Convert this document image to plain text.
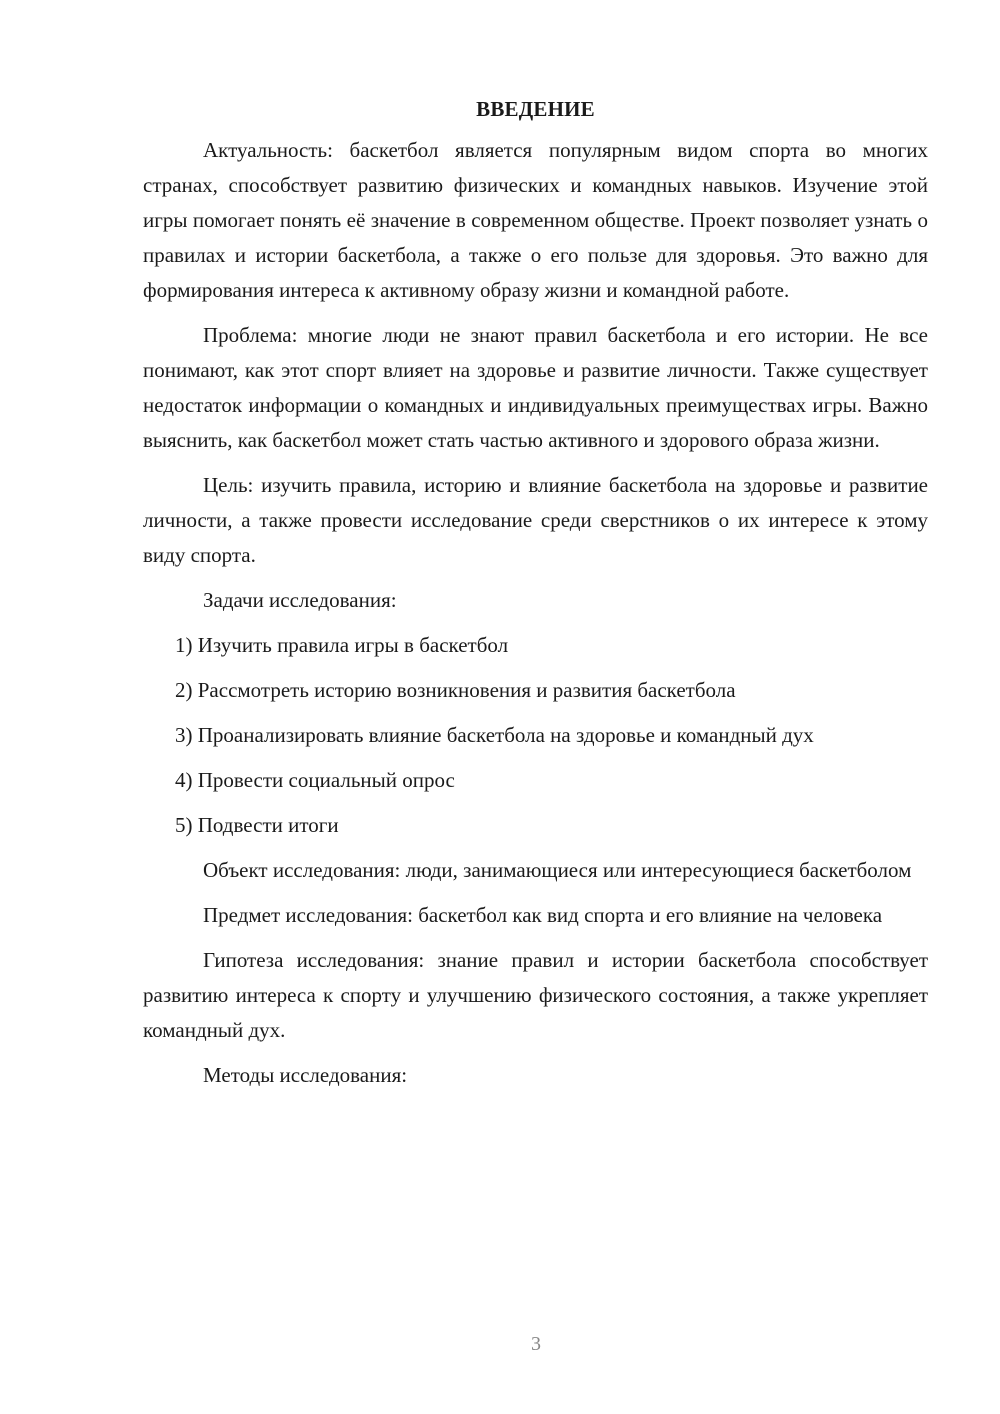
ВВЕДЕНИЕ

Актуальность: баскетбол является популярным видом спорта во многих странах, способствует развитию физических и командных навыков. Изучение этой игры помогает понять её значение в современном обществе. Проект позволяет узнать о правилах и истории баскетбола, а также о его пользе для здоровья. Это важно для формирования интереса к активному образу жизни и командной работе.

Проблема: многие люди не знают правил баскетбола и его истории. Не все понимают, как этот спорт влияет на здоровье и развитие личности. Также существует недостаток информации о командных и индивидуальных преимуществах игры. Важно выяснить, как баскетбол может стать частью активного и здорового образа жизни.

Цель: изучить правила, историю и влияние баскетбола на здоровье и развитие личности, а также провести исследование среди сверстников о их интересе к этому виду спорта.

Задачи исследования:

1) Изучить правила игры в баскетбол

2) Рассмотреть историю возникновения и развития баскетбола

3) Проанализировать влияние баскетбола на здоровье и командный дух

4) Провести социальный опрос

5) Подвести итоги

Объект исследования: люди, занимающиеся или интересующиеся баскетболом

Предмет исследования: баскетбол как вид спорта и его влияние на человека

Гипотеза исследования: знание правил и истории баскетбола способствует развитию интереса к спорту и улучшению физического состояния, а также укрепляет командный дух.

Методы исследования:

3
